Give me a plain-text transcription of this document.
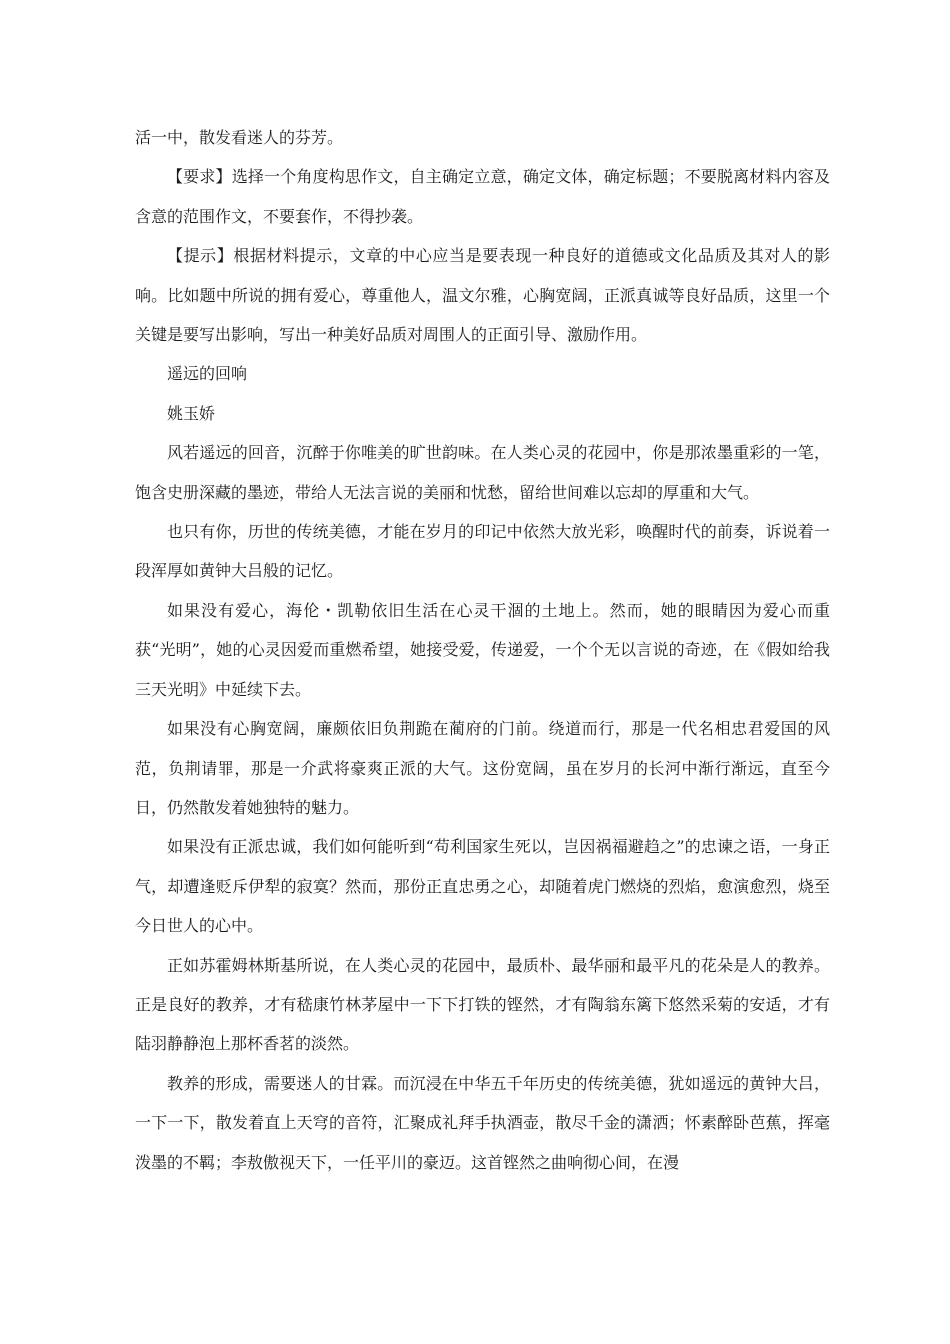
活一中，散发看迷人的芬芳。

【要求】选择一个角度构思作文，自主确定立意，确定文体，确定标题；不要脱离材料内容及含意的范围作文，不要套作，不得抄袭。

【提示】根据材料提示，文章的中心应当是要表现一种良好的道德或文化品质及其对人的影响。比如题中所说的拥有爱心，尊重他人，温文尔雅，心胸宽阔，正派真诚等良好品质，这里一个关键是要写出影响，写出一种美好品质对周围人的正面引导、激励作用。

遥远的回响

姚玉娇

风若遥远的回音，沉醉于你唯美的旷世韵味。在人类心灵的花园中，你是那浓墨重彩的一笔，饱含史册深藏的墨迹，带给人无法言说的美丽和忧愁，留给世间难以忘却的厚重和大气。

也只有你，历世的传统美德，才能在岁月的印记中依然大放光彩，唤醒时代的前奏，诉说着一段浑厚如黄钟大吕般的记忆。

如果没有爱心，海伦・凯勒依旧生活在心灵干涸的土地上。然而，她的眼睛因为爱心而重获“光明”，她的心灵因爱而重燃希望，她接受爱，传递爱，一个个无以言说的奇迹，在《假如给我三天光明》中延续下去。

如果没有心胸宽阔，廉颇依旧负荆跪在蔺府的门前。绕道而行，那是一代名相忠君爱国的风范，负荆请罪，那是一介武将豪爽正派的大气。这份宽阔，虽在岁月的长河中渐行渐远，直至今日，仍然散发着她独特的魅力。

如果没有正派忠诚，我们如何能听到“苟利国家生死以，岂因祸福避趋之”的忠谏之语，一身正气，却遭逢贬斥伊犁的寂寞？然而，那份正直忠勇之心，却随着虎门燃烧的烈焰，愈演愈烈，烧至今日世人的心中。

正如苏霍姆林斯基所说，在人类心灵的花园中，最质朴、最华丽和最平凡的花朵是人的教养。正是良好的教养，才有嵇康竹林茅屋中一下下打铁的铿然，才有陶翁东篱下悠然采菊的安适，才有陆羽静静泡上那杯香茗的淡然。

教养的形成，需要迷人的甘霖。而沉浸在中华五千年历史的传统美德，犹如遥远的黄钟大吕，一下一下，散发着直上天穹的音符，汇聚成礼拜手执酒壶，散尽千金的潇洒；怀素醉卧芭蕉，挥毫泼墨的不羁；李敖傲视天下，一任平川的豪迈。这首铿然之曲响彻心间，在漫
